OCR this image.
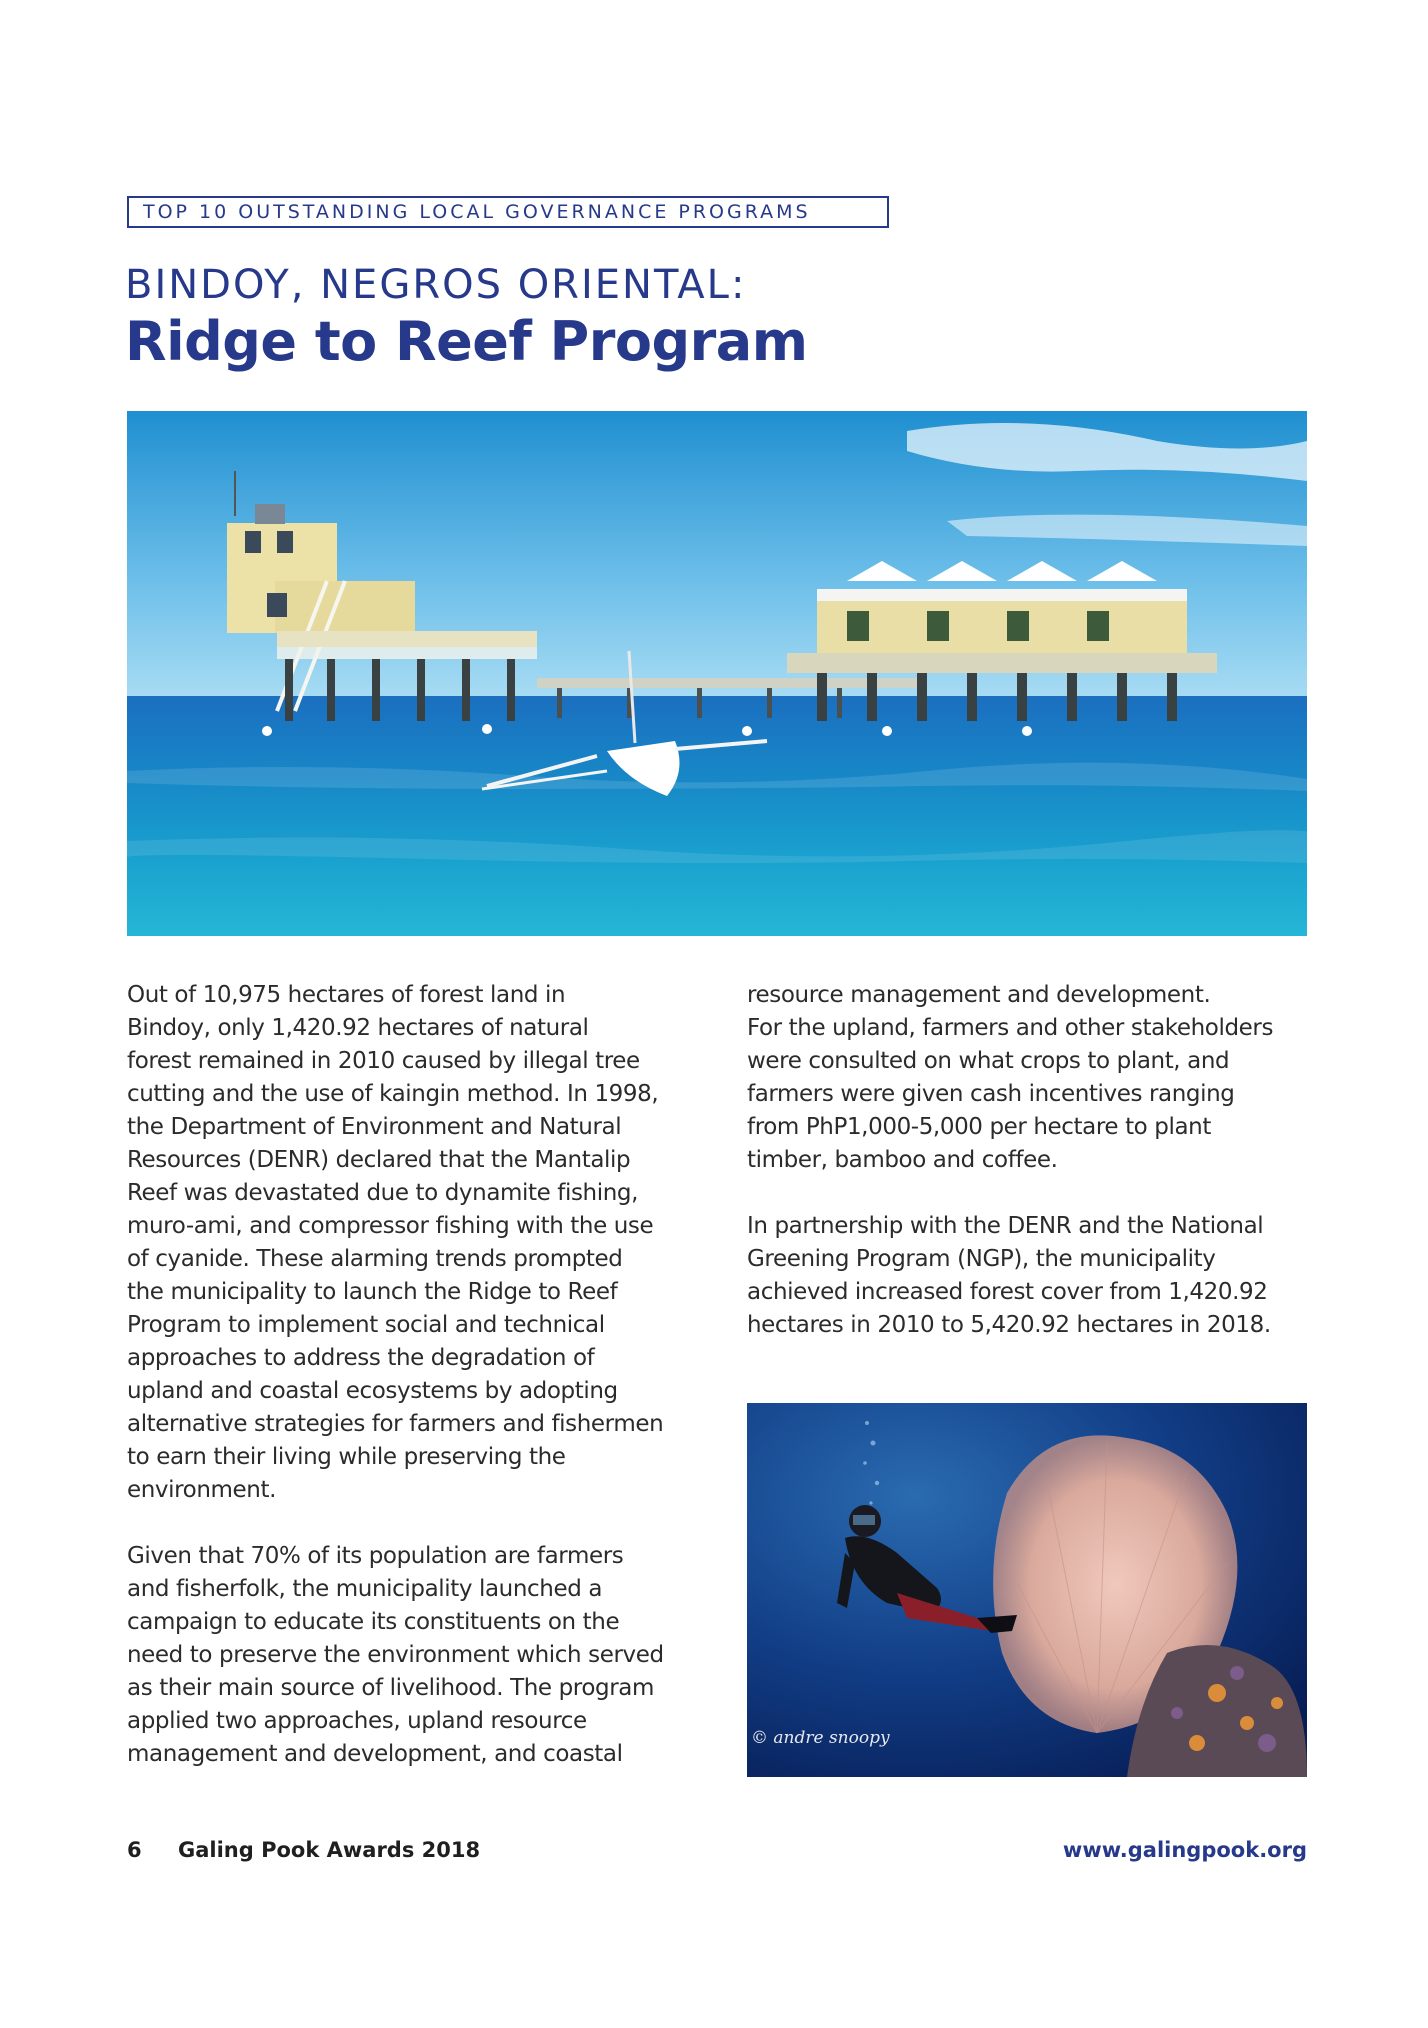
TOP 10 OUTSTANDING LOCAL GOVERNANCE PROGRAMS
BINDOY, NEGROS ORIENTAL:
Ridge to Reef Program

Out of 10,975 hectares of forest land in

Bindoy, only 1,420.92 hectares of natural

forest remained in 2010 caused by illegal tree

cutting and the use of kaingin method. In 1998,

the Department of Environment and Natural

Resources (DENR) declared that the Mantalip

Reef was devastated due to dynamite fishing,

muro-ami, and compressor fishing with the use

of cyanide. These alarming trends prompted

the municipality to launch the Ridge to Reef

Program to implement social and technical

approaches to address the degradation of

upland and coastal ecosystems by adopting

alternative strategies for farmers and fishermen

to earn their living while preserving the

environment.

Given that 70% of its population are farmers

and fisherfolk, the municipality launched a

campaign to educate its constituents on the

need to preserve the environment which served

as their main source of livelihood. The program

applied two approaches, upland resource

management and development, and coastal

resource management and development.

For the upland, farmers and other stakeholders

were consulted on what crops to plant, and

farmers were given cash incentives ranging

from PhP1,000-5,000 per hectare to plant

timber, bamboo and coffee.

In partnership with the DENR and the National

Greening Program (NGP), the municipality

achieved increased forest cover from 1,420.92

hectares in 2010 to 5,420.92 hectares in 2018.

© andre snoopy
6 Galing Pook Awards 2018	www.galingpook.org
